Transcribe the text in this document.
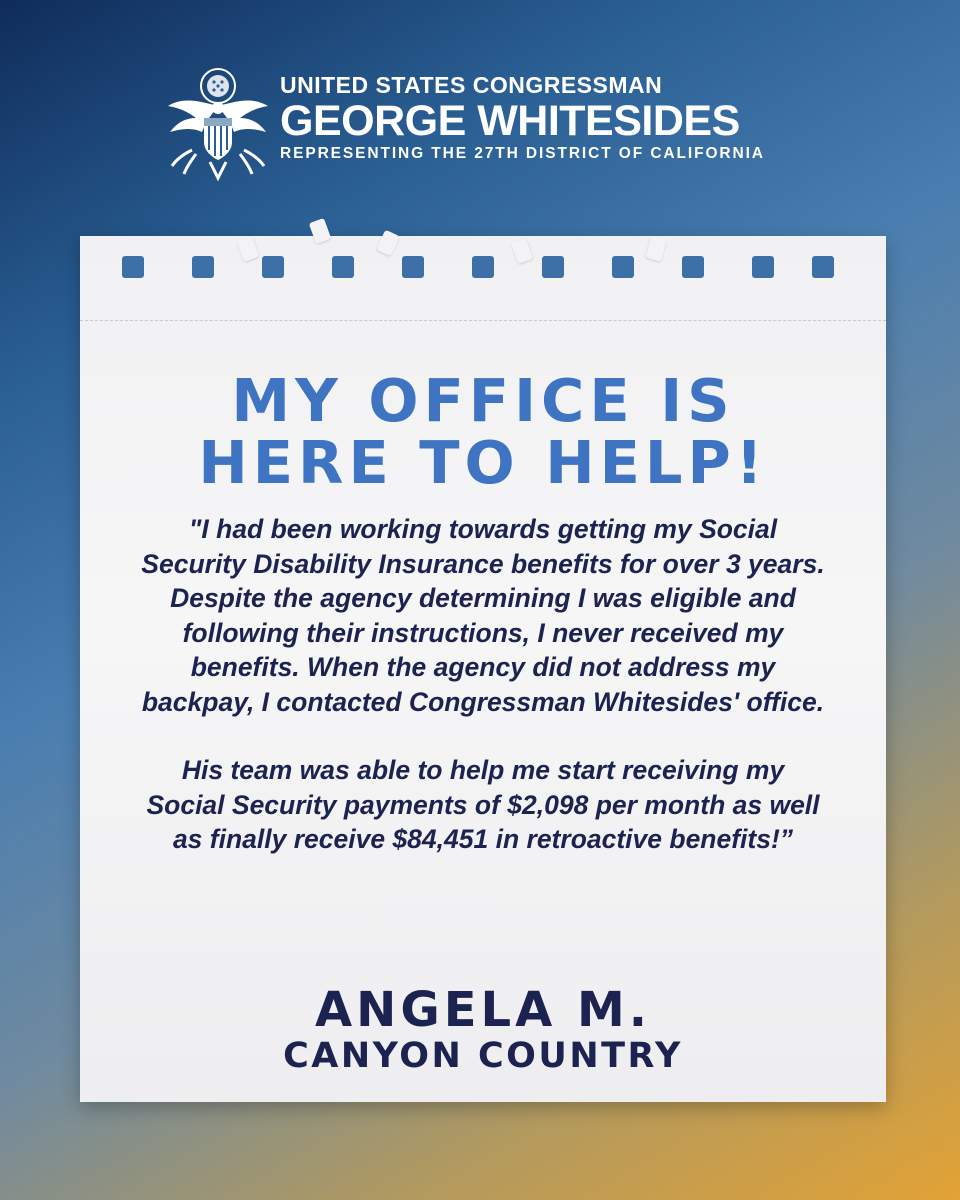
UNITED STATES CONGRESSMAN
GEORGE WHITESIDES
REPRESENTING THE 27TH DISTRICT OF CALIFORNIA
MY OFFICE IS
HERE TO HELP!

"I had been working towards getting my Social Security Disability Insurance benefits for over 3 years. Despite the agency determining I was eligible and following their instructions, I never received my benefits. When the agency did not address my backpay, I contacted Congressman Whitesides' office.

His team was able to help me start receiving my Social Security payments of $2,098 per month as well as finally receive $84,451 in retroactive benefits!”

ANGELA M.
CANYON COUNTRY
